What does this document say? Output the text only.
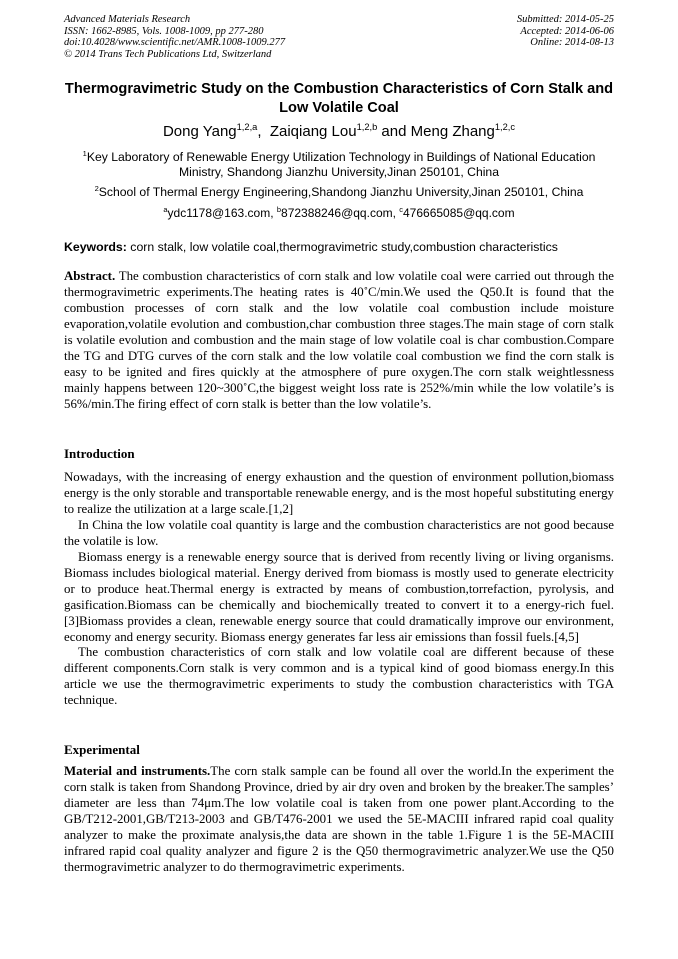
Advanced Materials Research
ISSN: 1662-8985, Vols. 1008-1009, pp 277-280
doi:10.4028/www.scientific.net/AMR.1008-1009.277
© 2014 Trans Tech Publications Ltd, Switzerland
Submitted: 2014-05-25
Accepted: 2014-06-06
Online: 2014-08-13
Thermogravimetric Study on the Combustion Characteristics of Corn Stalk and Low Volatile Coal
Dong Yang$^{1,2,a}$,  Zaiqiang Lou$^{1,2,b}$ and Meng Zhang$^{1,2,c}$
$^1$Key Laboratory of Renewable Energy Utilization Technology in Buildings of National Education Ministry, Shandong Jianzhu University,Jinan 250101, China
$^2$School of Thermal Energy Engineering,Shandong Jianzhu University,Jinan 250101, China
$^a$ydc1178@163.com, $^b$872388246@qq.com, $^c$476665085@qq.com
Keywords: corn stalk, low volatile coal,thermogravimetric study,combustion characteristics

Abstract. The combustion characteristics of corn stalk and low volatile coal were carried out through the thermogravimetric experiments.The heating rates is 40˚C/min.We used the Q50.It is found that the combustion processes of corn stalk and the low volatile coal combustion include moisture evaporation,volatile evolution and combustion,char combustion three stages.The main stage of corn stalk is volatile evolution and combustion and the main stage of low volatile coal is char combustion.Compare the TG and DTG curves of the corn stalk and the low volatile coal combustion we find the corn stalk is easy to be ignited and fires quickly at the atmosphere of pure oxygen.The corn stalk weightlessness mainly happens between 120~300˚C,the biggest weight loss rate is 252%/min while the low volatile’s is 56%/min.The firing effect of corn stalk is better than the low volatile’s.

Introduction

Nowadays, with the increasing of energy exhaustion and the question of environment pollution,biomass energy is the only storable and transportable renewable energy, and is the most hopeful substituting energy to realize the utilization at a large scale.[1,2]

In China the low volatile coal quantity is large and the combustion characteristics are not good because the volatile is low.

Biomass energy is a renewable energy source that is derived from recently living or living organisms. Biomass includes biological material. Energy derived from biomass is mostly used to generate electricity or to produce heat.Thermal energy is extracted by means of combustion,torrefaction, pyrolysis, and gasification.Biomass can be chemically and biochemically treated to convert it to a energy-rich fuel. [3]Biomass provides a clean, renewable energy source that could dramatically improve our environment, economy and energy security. Biomass energy generates far less air emissions than fossil fuels.[4,5]

The combustion characteristics of corn stalk and low volatile coal are different because of these different components.Corn stalk is very common and is a typical kind of good biomass energy.In this article we use the thermogravimetric experiments to study the combustion characteristics with TGA technique.

Experimental

Material and instruments.The corn stalk sample can be found all over the world.In the experiment the corn stalk is taken from Shandong Province, dried by air dry oven and broken by the breaker.The samples’ diameter are less than 74μm.The low volatile coal is taken from one power plant.According to the GB/T212-2001,GB/T213-2003 and GB/T476-2001 we used the 5E-MACIII infrared rapid coal quality analyzer to make the proximate analysis,the data are shown in the table 1.Figure 1 is the 5E-MACIII infrared rapid coal quality analyzer and figure 2 is the Q50 thermogravimetric analyzer.We use the Q50 thermogravimetric analyzer to do thermogravimetric experiments.
